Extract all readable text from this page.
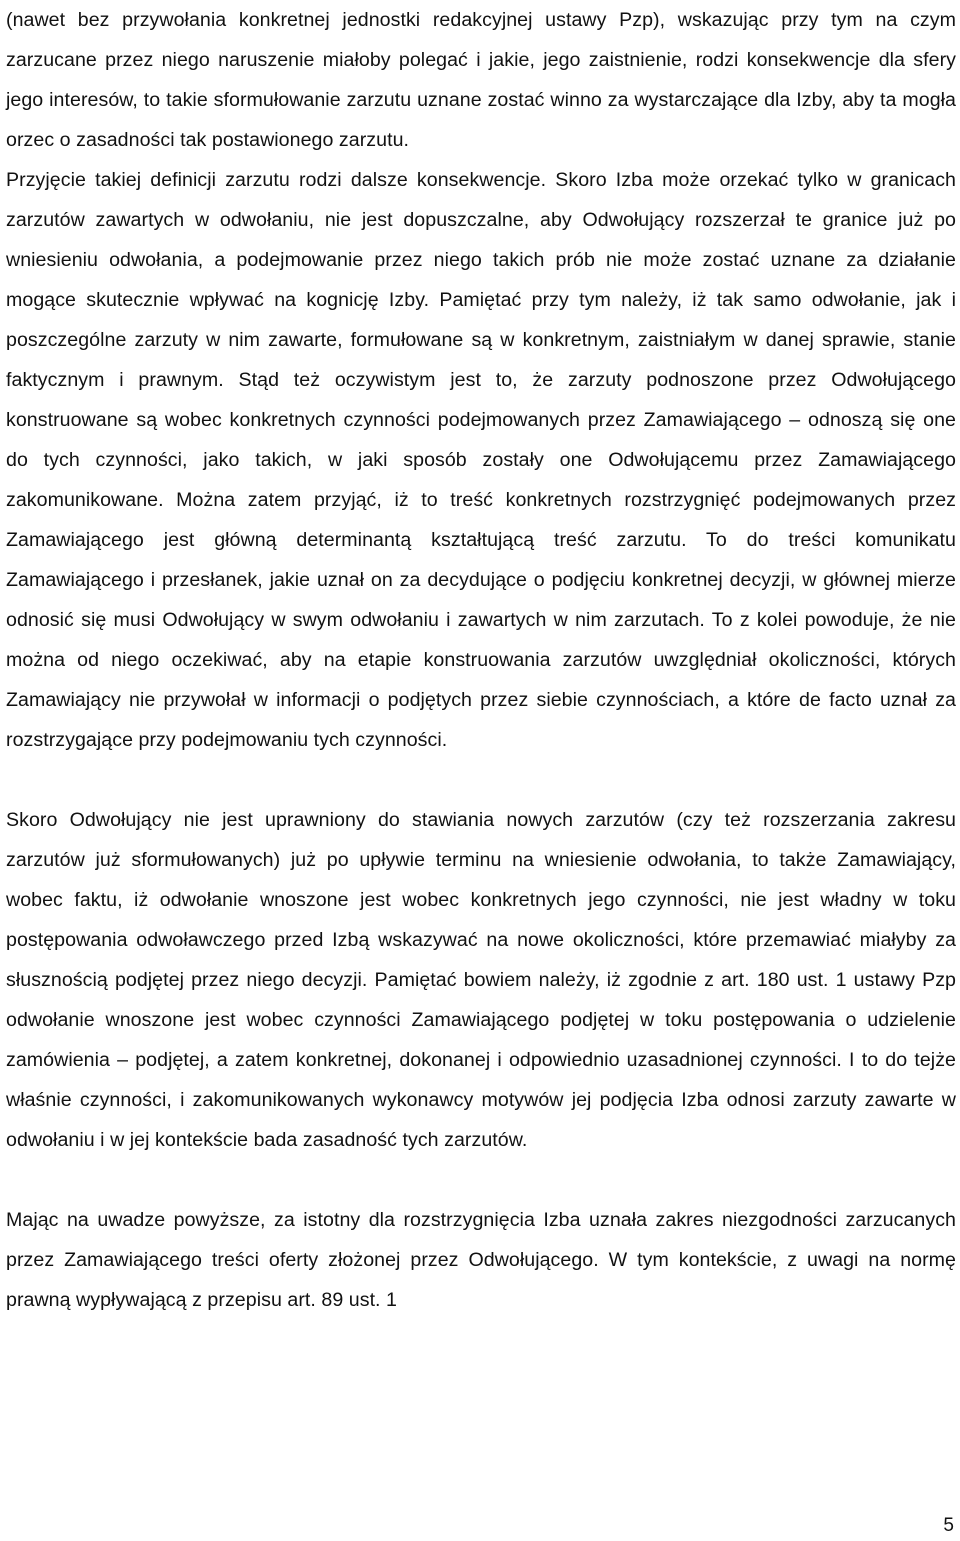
(nawet bez przywołania konkretnej jednostki redakcyjnej ustawy Pzp), wskazując przy tym na czym zarzucane przez niego naruszenie miałoby polegać i jakie, jego zaistnienie, rodzi konsekwencje dla sfery jego interesów, to takie sformułowanie zarzutu uznane zostać winno za wystarczające dla Izby, aby ta mogła orzec o zasadności tak postawionego zarzutu.

Przyjęcie takiej definicji zarzutu rodzi dalsze konsekwencje. Skoro Izba może orzekać tylko w granicach zarzutów zawartych w odwołaniu, nie jest dopuszczalne, aby Odwołujący rozszerzał te granice już po wniesieniu odwołania, a podejmowanie przez niego takich prób nie może zostać uznane za działanie mogące skutecznie wpływać na kognicję Izby. Pamiętać przy tym należy, iż tak samo odwołanie, jak i poszczególne zarzuty w nim zawarte, formułowane są w konkretnym, zaistniałym w danej sprawie, stanie faktycznym i prawnym. Stąd też oczywistym jest to, że zarzuty podnoszone przez Odwołującego konstruowane są wobec konkretnych czynności podejmowanych przez Zamawiającego – odnoszą się one do tych czynności, jako takich, w jaki sposób zostały one Odwołującemu przez Zamawiającego zakomunikowane. Można zatem przyjąć, iż to treść konkretnych rozstrzygnięć podejmowanych przez Zamawiającego jest główną determinantą kształtującą treść zarzutu. To do treści komunikatu Zamawiającego i przesłanek, jakie uznał on za decydujące o podjęciu konkretnej decyzji, w głównej mierze odnosić się musi Odwołujący w swym odwołaniu i zawartych w nim zarzutach. To z kolei powoduje, że nie można od niego oczekiwać, aby na etapie konstruowania zarzutów uwzględniał okoliczności, których Zamawiający nie przywołał w informacji o podjętych przez siebie czynnościach, a które de facto uznał za rozstrzygające przy podejmowaniu tych czynności.

Skoro Odwołujący nie jest uprawniony do stawiania nowych zarzutów (czy też rozszerzania zakresu zarzutów już sformułowanych) już po upływie terminu na wniesienie odwołania, to także Zamawiający, wobec faktu, iż odwołanie wnoszone jest wobec konkretnych jego czynności, nie jest władny w toku postępowania odwoławczego przed Izbą wskazywać na nowe okoliczności, które przemawiać miałyby za słusznością podjętej przez niego decyzji. Pamiętać bowiem należy, iż zgodnie z art. 180 ust. 1 ustawy Pzp odwołanie wnoszone jest wobec czynności Zamawiającego podjętej w toku postępowania o udzielenie zamówienia – podjętej, a zatem konkretnej, dokonanej i odpowiednio uzasadnionej czynności. I to do tejże właśnie czynności, i zakomunikowanych wykonawcy motywów jej podjęcia Izba odnosi zarzuty zawarte w odwołaniu i w jej kontekście bada zasadność tych zarzutów.

Mając na uwadze powyższe, za istotny dla rozstrzygnięcia Izba uznała zakres niezgodności zarzucanych przez Zamawiającego treści oferty złożonej przez Odwołującego. W tym kontekście, z uwagi na normę prawną wypływającą z przepisu art. 89 ust. 1

5
